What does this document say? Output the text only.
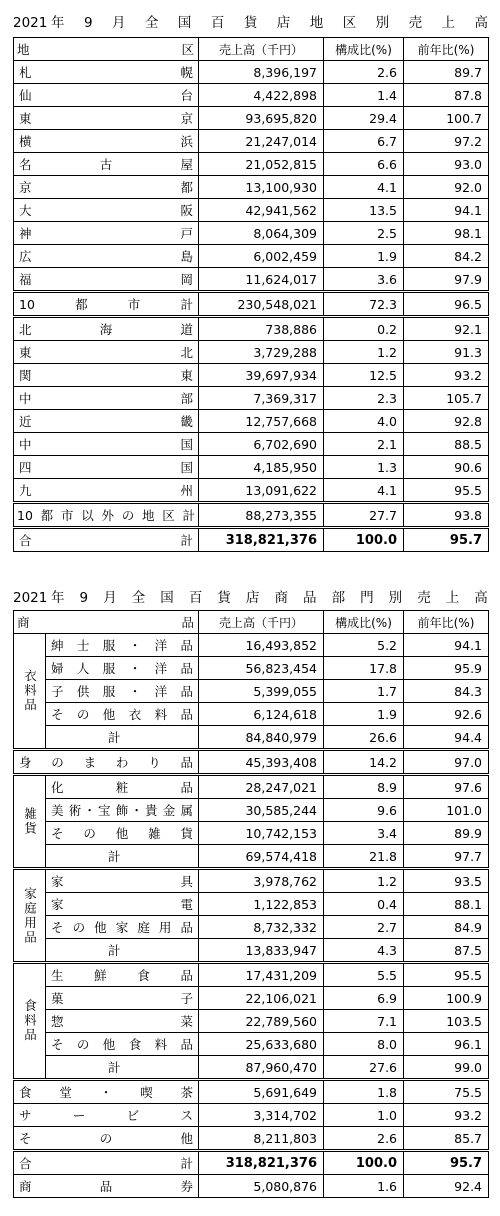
2021 年 9 月 全 国 百 貨 店 地 区 別 売 上 高
地 区	売上高（千円）	構成比(%)	前年比(%)
札幌	8,396,197	2.6	89.7
仙台	4,422,898	1.4	87.8
東京	93,695,820	29.4	100.7
横浜	21,247,014	6.7	97.2
名古屋	21,052,815	6.6	93.0
京都	13,100,930	4.1	92.0
大阪	42,941,562	13.5	94.1
神戸	8,064,309	2.5	98.1
広島	6,002,459	1.9	84.2
福岡	11,624,017	3.6	97.9
10都市計	230,548,021	72.3	96.5
北海道	738,886	0.2	92.1
東北	3,729,288	1.2	91.3
関東	39,697,934	12.5	93.2
中部	7,369,317	2.3	105.7
近畿	12,757,668	4.0	92.8
中国	6,702,690	2.1	88.5
四国	4,185,950	1.3	90.6
九州	13,091,622	4.1	95.5
10都市以外の地区計	88,273,355	27.7	93.8
合計	318,821,376	100.0	95.7
2021 年 9 月 全 国 百 貨 店 商 品 部 門 別 売 上 高
商 品		売上高（千円）	構成比(%)	前年比(%)

衣料品	紳士服・洋品	16,493,852	5.2	94.1
	婦人服・洋品	56,823,454	17.8	95.9
	子供服・洋品	5,399,055	1.7	84.3
	その他衣料品	6,124,618	1.9	92.6
	計	84,840,979	26.6	94.4
身のまわり品		45,393,408	14.2	97.0

雑貨	化粧品	28,247,021	8.9	97.6
	美術･宝飾･貴金属	30,585,244	9.6	101.0
	その他雑貨	10,742,153	3.4	89.9
	計	69,574,418	21.8	97.7

家庭用品	家具	3,978,762	1.2	93.5
	家電	1,122,853	0.4	88.1
	その他家庭用品	8,732,332	2.7	84.9
	計	13,833,947	4.3	87.5

食料品	生鮮食品	17,431,209	5.5	95.5
	菓子	22,106,021	6.9	100.9
	惣菜	22,789,560	7.1	103.5
	その他食料品	25,633,680	8.0	96.1
	計	87,960,470	27.6	99.0
食堂・喫茶		5,691,649	1.8	75.5
サービス		3,314,702	1.0	93.2
その他		8,211,803	2.6	85.7
合計		318,821,376	100.0	95.7
商品券		5,080,876	1.6	92.4
